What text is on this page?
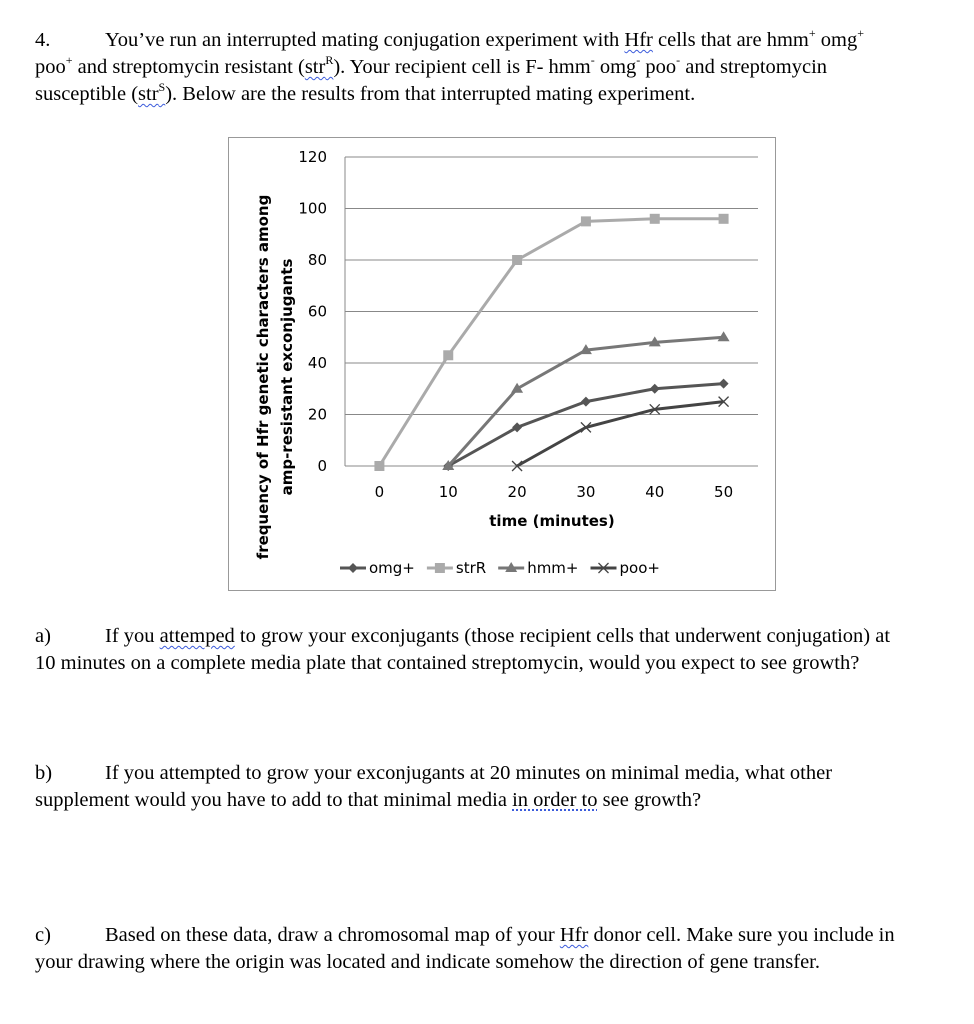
4.	You’ve run an interrupted mating conjugation experiment with Hfr cells that are hmm+ omg+
poo+ and streptomycin resistant (str$^R$). Your recipient cell is F- hmm- omg- poo- and streptomycin
susceptible (str$^S$). Below are the results from that interrupted mating experiment.
0
20
40
60
80
100
120
0	10	20	30	40	50
frequency of Hfr genetic characters among amp-resistant exconjugants
time (minutes)
omg+	strR	hmm+	poo+
a)	If you attemped to grow your exconjugants (those recipient cells that underwent conjugation) at
10 minutes on a complete media plate that contained streptomycin, would you expect to see growth?
b)	If you attempted to grow your exconjugants at 20 minutes on minimal media, what other
supplement would you have to add to that minimal media in order to see growth?
c)	Based on these data, draw a chromosomal map of your Hfr donor cell. Make sure you include in
your drawing where the origin was located and indicate somehow the direction of gene transfer.
